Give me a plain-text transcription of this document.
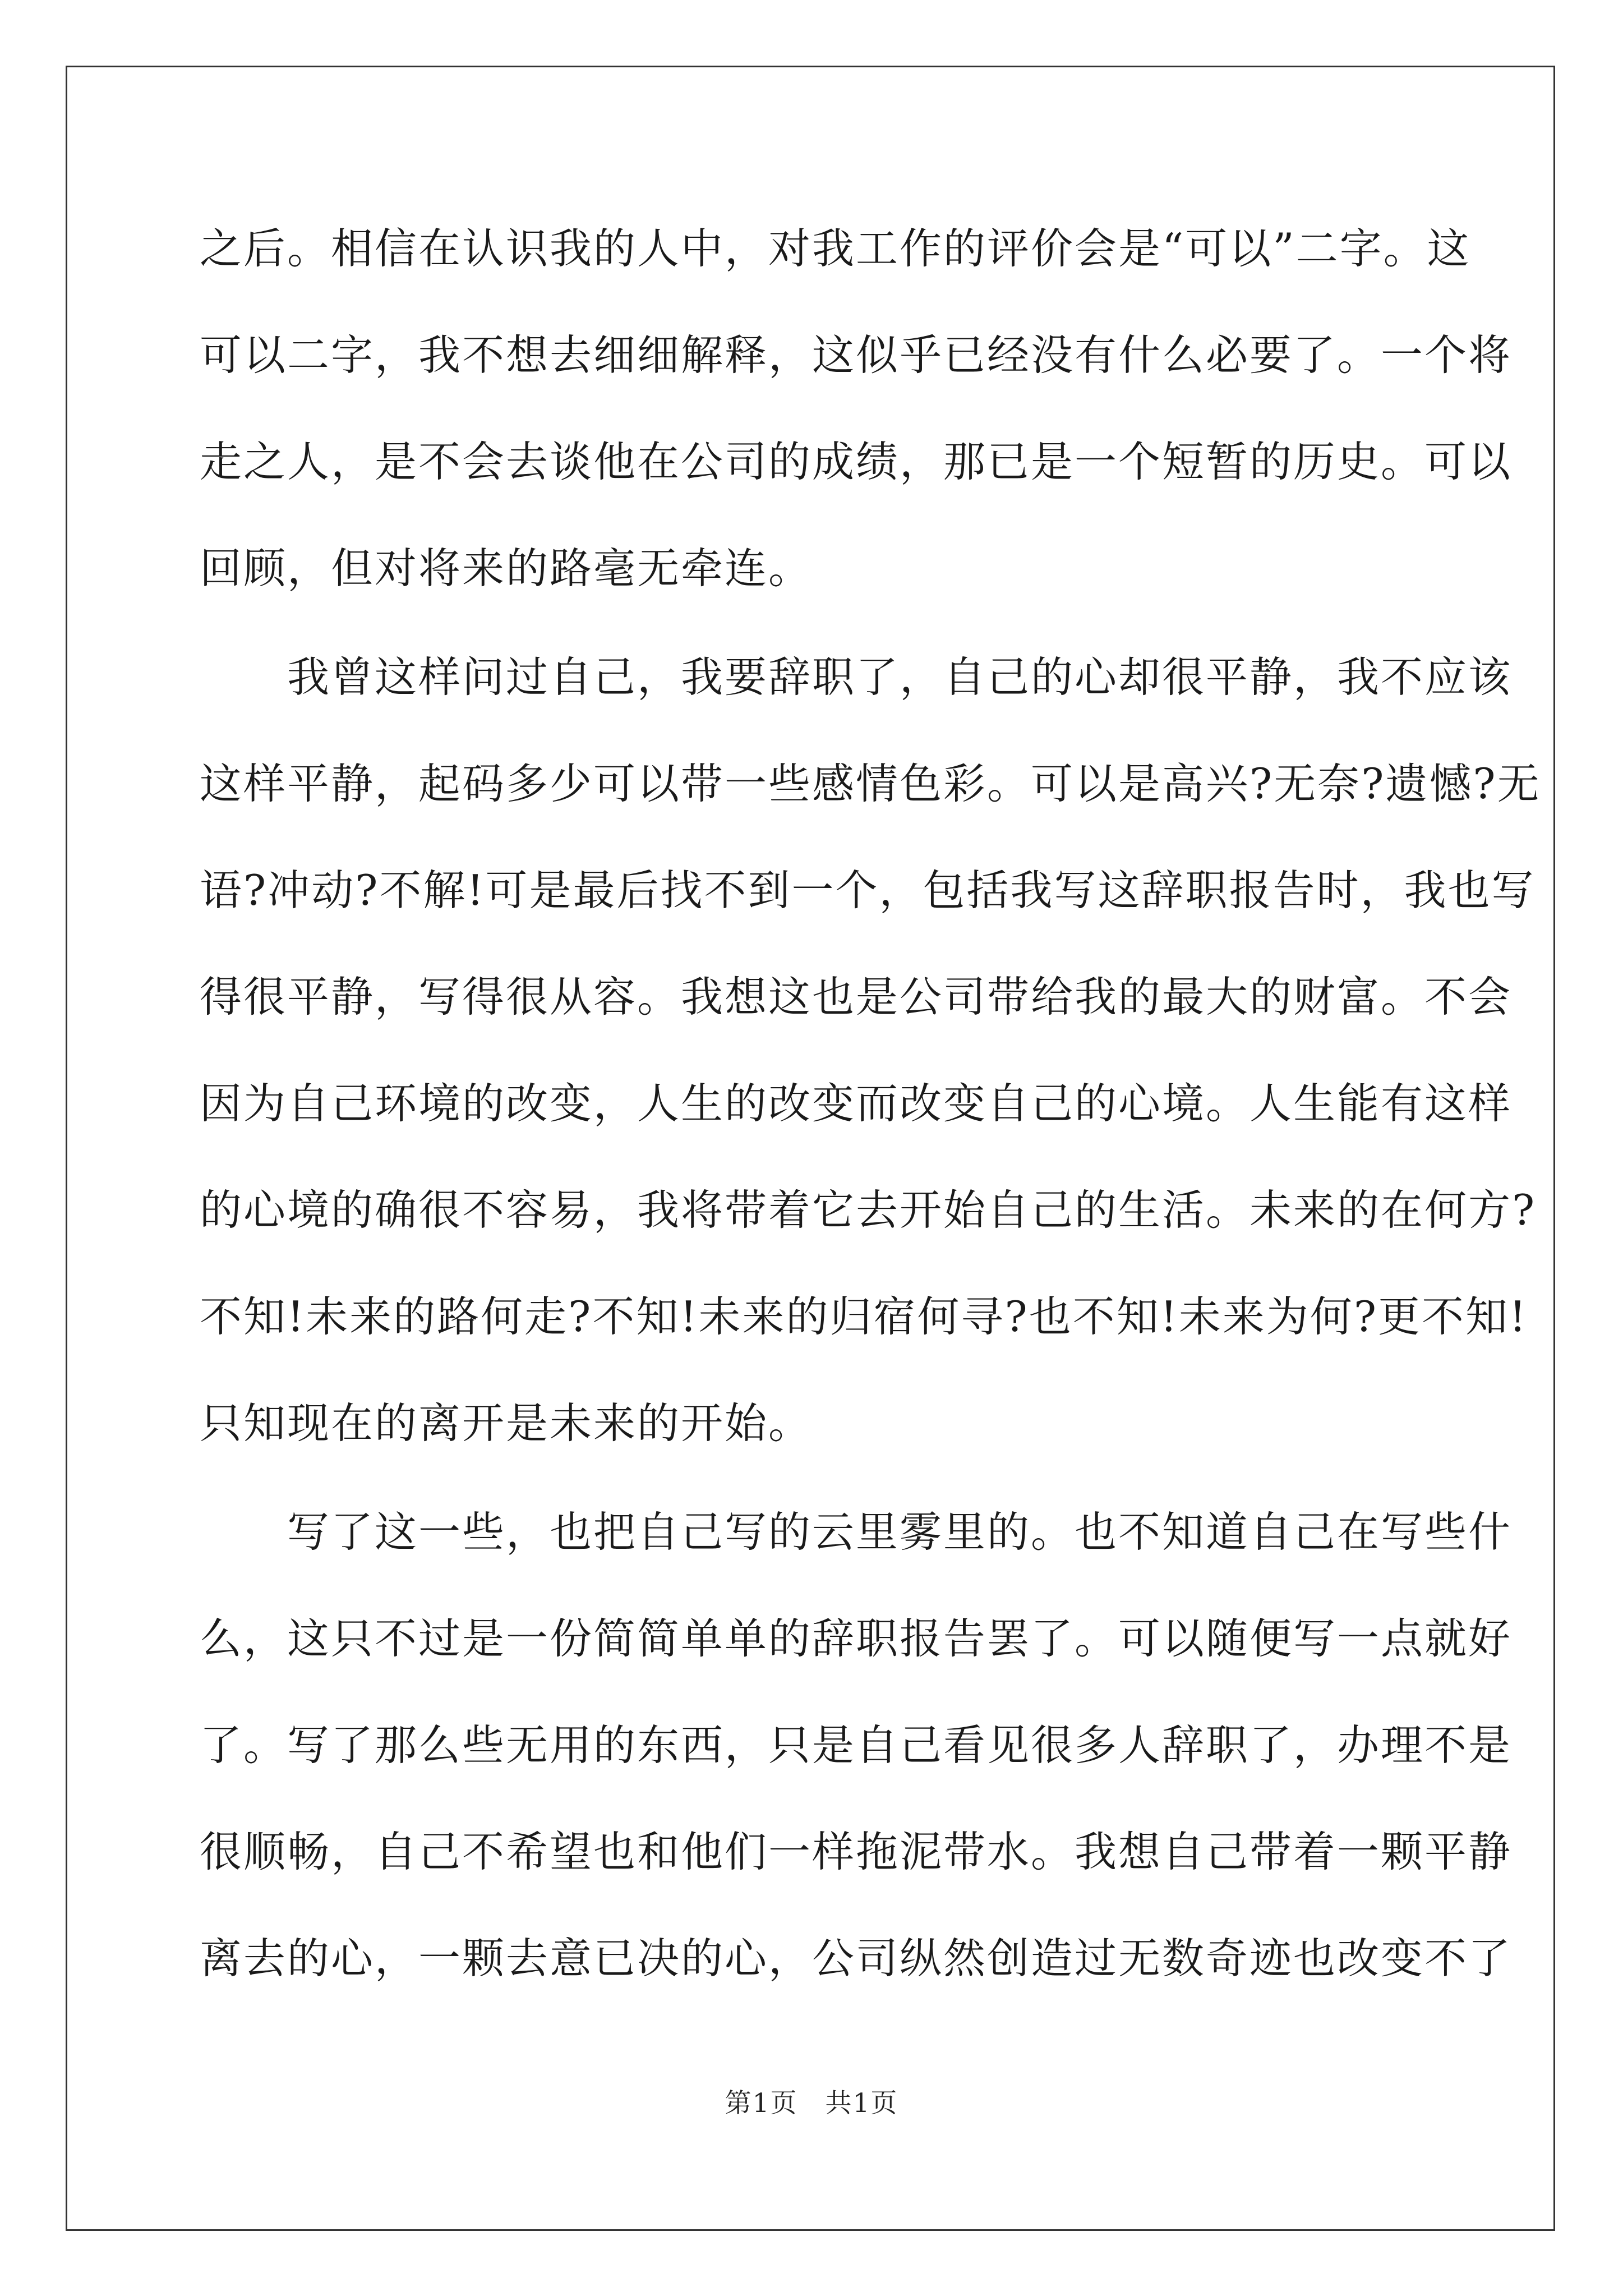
之后。相信在认识我的人中，对我工作的评价会是“可以”二字。这

可以二字，我不想去细细解释，这似乎已经没有什么必要了。一个将

走之人，是不会去谈他在公司的成绩，那已是一个短暂的历史。可以

回顾，但对将来的路毫无牵连。

　　我曾这样问过自己，我要辞职了，自己的心却很平静，我不应该

这样平静，起码多少可以带一些感情色彩。可以是高兴?无奈?遗憾?无

语?冲动?不解!可是最后找不到一个，包括我写这辞职报告时，我也写

得很平静，写得很从容。我想这也是公司带给我的最大的财富。不会

因为自己环境的改变，人生的改变而改变自己的心境。人生能有这样

的心境的确很不容易，我将带着它去开始自己的生活。未来的在何方?

不知!未来的路何走?不知!未来的归宿何寻?也不知!未来为何?更不知!

只知现在的离开是未来的开始。

　　写了这一些，也把自己写的云里雾里的。也不知道自己在写些什

么，这只不过是一份简简单单的辞职报告罢了。可以随便写一点就好

了。写了那么些无用的东西，只是自己看见很多人辞职了，办理不是

很顺畅，自己不希望也和他们一样拖泥带水。我想自己带着一颗平静

离去的心，一颗去意已决的心，公司纵然创造过无数奇迹也改变不了

第1页　共1页
